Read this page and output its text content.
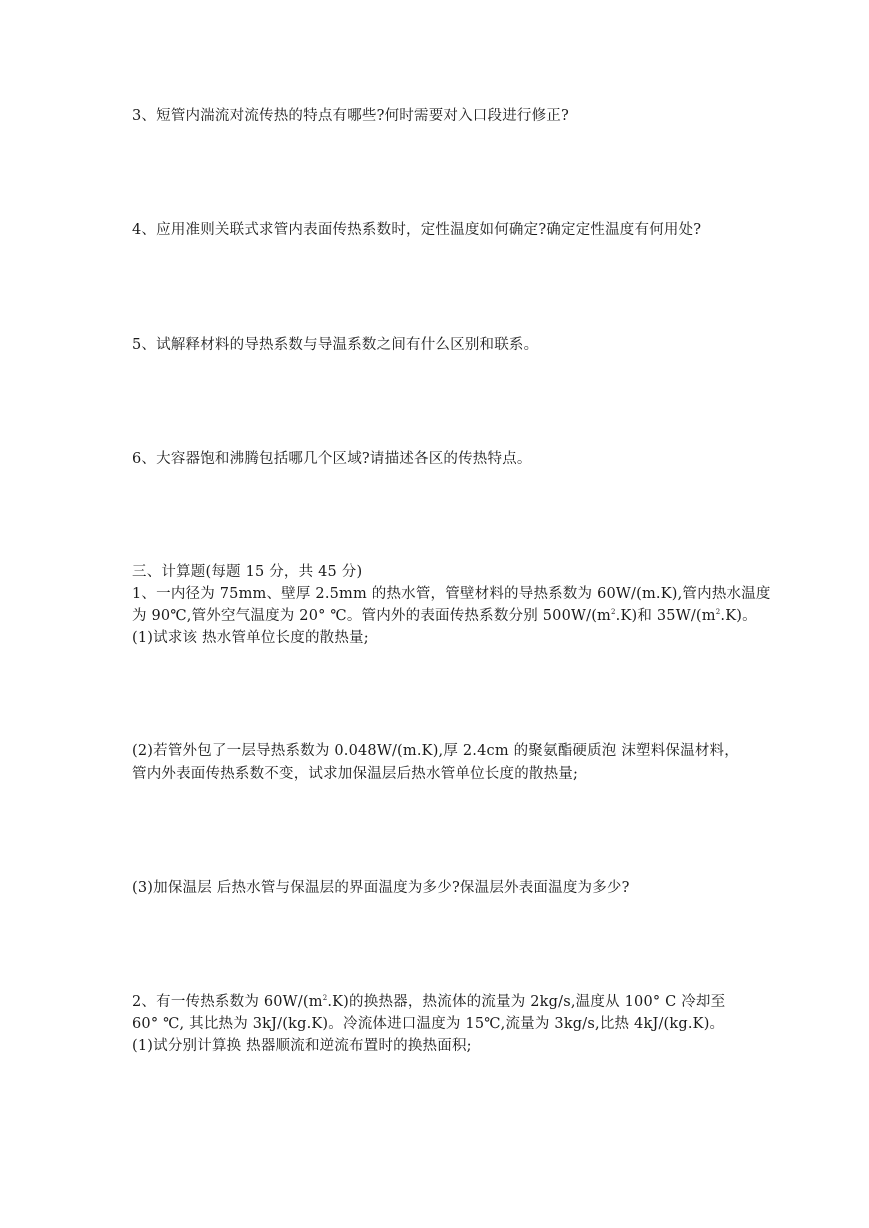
3、短管内湍流对流传热的特点有哪些?何时需要对入口段进行修正?
4、应用准则关联式求管内表面传热系数时，定性温度如何确定?确定定性温度有何用处?
5、试解释材料的导热系数与导温系数之间有什么区别和联系。
6、大容器饱和沸腾包括哪几个区域?请描述各区的传热特点。
三、计算题(每题 15 分，共 45 分)
1、一内径为 75mm、壁厚 2.5mm 的热水管，管壁材料的导热系数为 60W/(m.K),管内热水温度
为 90℃,管外空气温度为 20° ℃。管内外的表面传热系数分别 $500W/(m^2.K)$和 $35W/(m^2.K)$。
(1)试求该 热水管单位长度的散热量;
(2)若管外包了一层导热系数为 0.048W/(m.K),厚 2.4cm 的聚氨酯硬质泡 沫塑料保温材料，
管内外表面传热系数不变，试求加保温层后热水管单位长度的散热量;
(3)加保温层 后热水管与保温层的界面温度为多少?保温层外表面温度为多少?
2、有一传热系数为 $60W/(m^2.K)$的换热器，热流体的流量为 2kg/s,温度从 100° C 冷却至
60° ℃, 其比热为 3kJ/(kg.K)。冷流体进口温度为 15℃,流量为 3kg/s,比热 4kJ/(kg.K)。
(1)试分别计算换 热器顺流和逆流布置时的换热面积;
